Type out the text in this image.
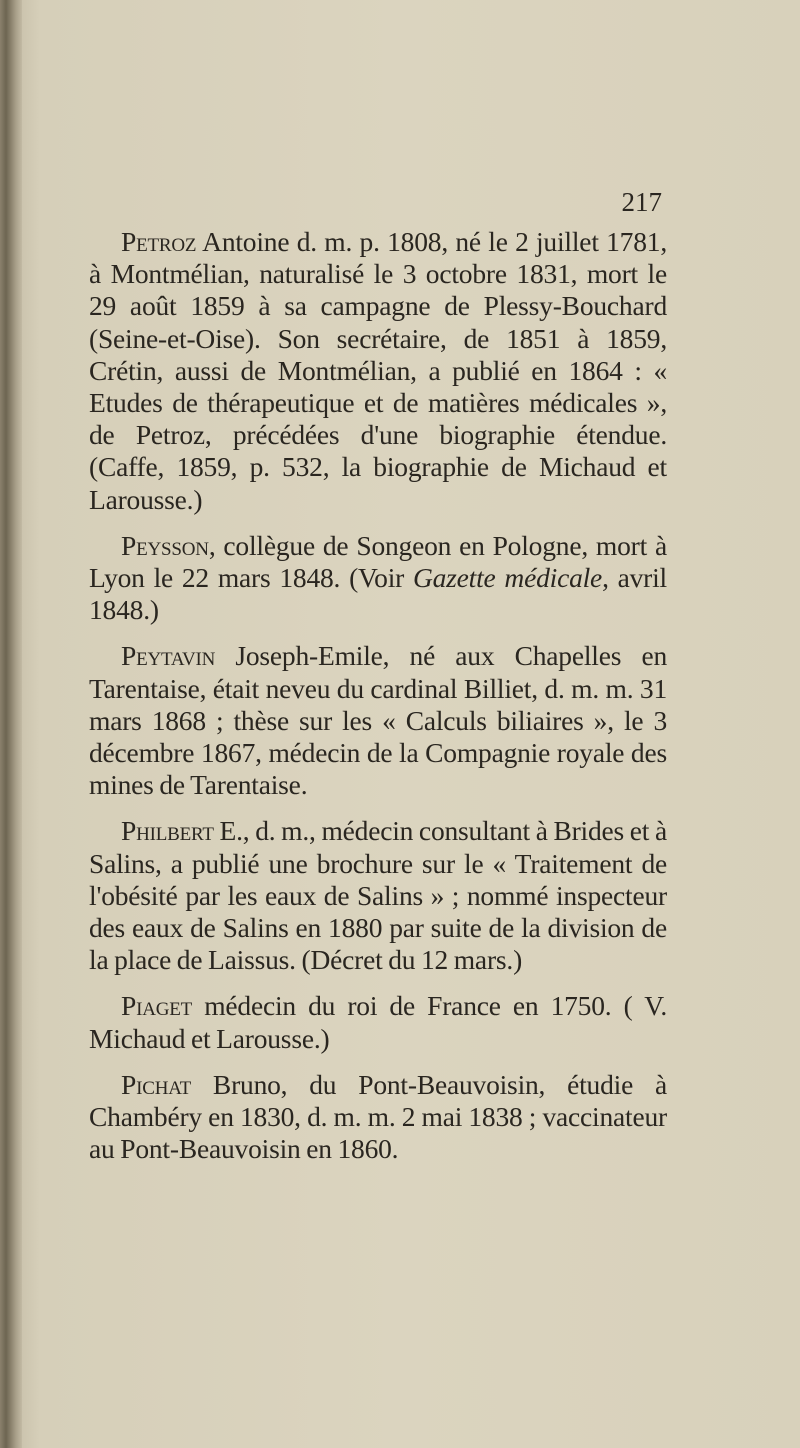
217

Petroz Antoine d. m. p. 1808, né le 2 juillet 1781, à Montmélian, naturalisé le 3 octobre 1831, mort le 29 août 1859 à sa campagne de Plessy-Bouchard (Seine-et-Oise). Son secrétaire, de 1851 à 1859, Crétin, aussi de Montmélian, a publié en 1864 : « Etudes de thérapeutique et de matières médicales », de Petroz, précédées d'une biographie étendue. (Caffe, 1859, p. 532, la biographie de Michaud et Larousse.)

Peysson, collègue de Songeon en Pologne, mort à Lyon le 22 mars 1848. (Voir Gazette médicale, avril 1848.)

Peytavin Joseph-Emile, né aux Chapelles en Tarentaise, était neveu du cardinal Billiet, d. m. m. 31 mars 1868 ; thèse sur les « Calculs biliaires », le 3 décembre 1867, médecin de la Compagnie royale des mines de Tarentaise.

Philbert E., d. m., médecin consultant à Brides et à Salins, a publié une brochure sur le « Traitement de l'obésité par les eaux de Salins » ; nommé inspecteur des eaux de Salins en 1880 par suite de la division de la place de Laissus. (Décret du 12 mars.)

Piaget médecin du roi de France en 1750. ( V. Michaud et Larousse.)

Pichat Bruno, du Pont-Beauvoisin, étudie à Chambéry en 1830, d. m. m. 2 mai 1838 ; vaccinateur au Pont-Beauvoisin en 1860.
